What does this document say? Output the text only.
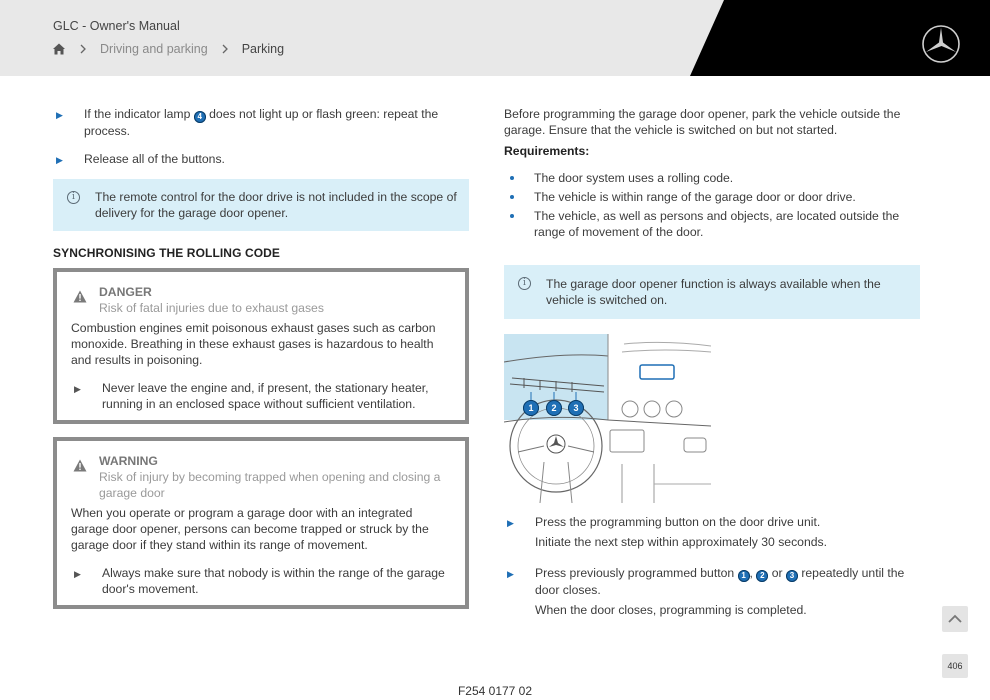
GLC - Owner's Manual
Driving and parking	Parking
▶ If the indicator lamp 4 does not light up or flash green: repeat the process.
▶ Release all of the buttons.
i	The remote control for the door drive is not included in the scope of delivery for the garage door opener.
SYNCHRONISING THE ROLLING CODE
DANGER
Risk of fatal injuries due to exhaust gases
Combustion engines emit poisonous exhaust gases such as carbon monoxide. Breathing in these exhaust gases is hazardous to health and results in poisoning.
▶ Never leave the engine and, if present, the stationary heater, running in an enclosed space without sufficient ventilation.
WARNING
Risk of injury by becoming trapped when opening and closing a garage door
When you operate or program a garage door with an integrated garage door opener, persons can become trapped or struck by the garage door if they stand within its range of movement.
▶ Always make sure that nobody is within the range of the garage door's movement.
Before programming the garage door opener, park the vehicle outside the garage. Ensure that the vehicle is switched on but not started.
Requirements:
The door system uses a rolling code.
The vehicle is within range of the garage door or door drive.
The vehicle, as well as persons and objects, are located outside the range of movement of the door.
i	The garage door opener function is always available when the vehicle is switched on.
1	2	3
▶ Press the programming button on the door drive unit.
Initiate the next step within approximately 30 seconds.
▶ Press previously programmed button 1 , 2 or 3 repeatedly until the door closes.
When the door closes, programming is completed.
F254 0177 02
406
